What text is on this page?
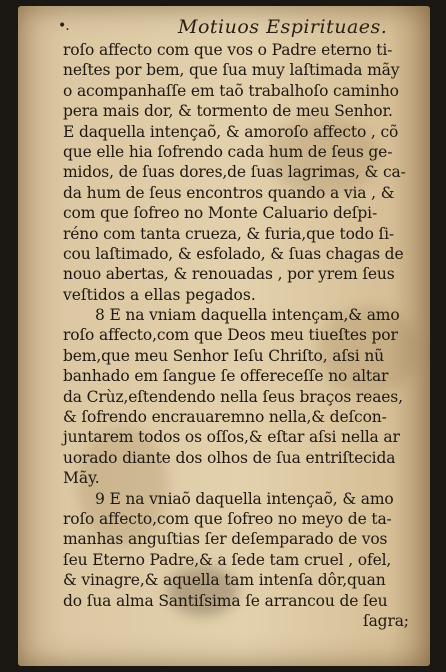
•.	Motiuos Espirituaes.
roſo affecto com que vos o Padre eterno ti-
neſtes por bem, que ſua muy laſtimada mãy
o acompanhaſſe em taõ trabalhoſo caminho
pera mais dor, & tormento de meu Senhor.
E daquella intençaõ, & amoroſo affecto , cõ
que elle hia ſofrendo cada hum de ſeus ge-
midos, de ſuas dores,de ſuas lagrimas, & ca-
da hum de ſeus encontros quando a via , &
com que ſofreo no Monte Caluario deſpi-
réno com tanta crueza, & furia,que todo ſi-
cou laſtimado, & esfolado, & ſuas chagas de
nouo abertas, & renouadas , por yrem ſeus
veſtidos a ellas pegados.
8 E na vniam daquella intençam,& amo
roſo affecto,com que Deos meu tiueſtes por
bem,que meu Senhor Ieſu Chriſto, aſsi nũ
banhado em ſangue ſe offereceſſe no altar
da Crùz,eſtendendo nella ſeus braços reaes,
& ſofrendo encrauaremno nella,& deſcon-
juntarem todos os oſſos,& eſtar aſsi nella ar
uorado diante dos olhos de ſua entriſtecida
Mãy.
9 E na vniaõ daquella intençaõ, & amo
roſo affecto,com que ſofreo no meyo de ta-
manhas anguſtias ſer deſemparado de vos
ſeu Eterno Padre,& a ſede tam cruel , ofel,
& vinagre,& aquella tam intenſa dôr,quan
do ſua alma Santiſsima ſe arrancou de ſeu
ſagra;
